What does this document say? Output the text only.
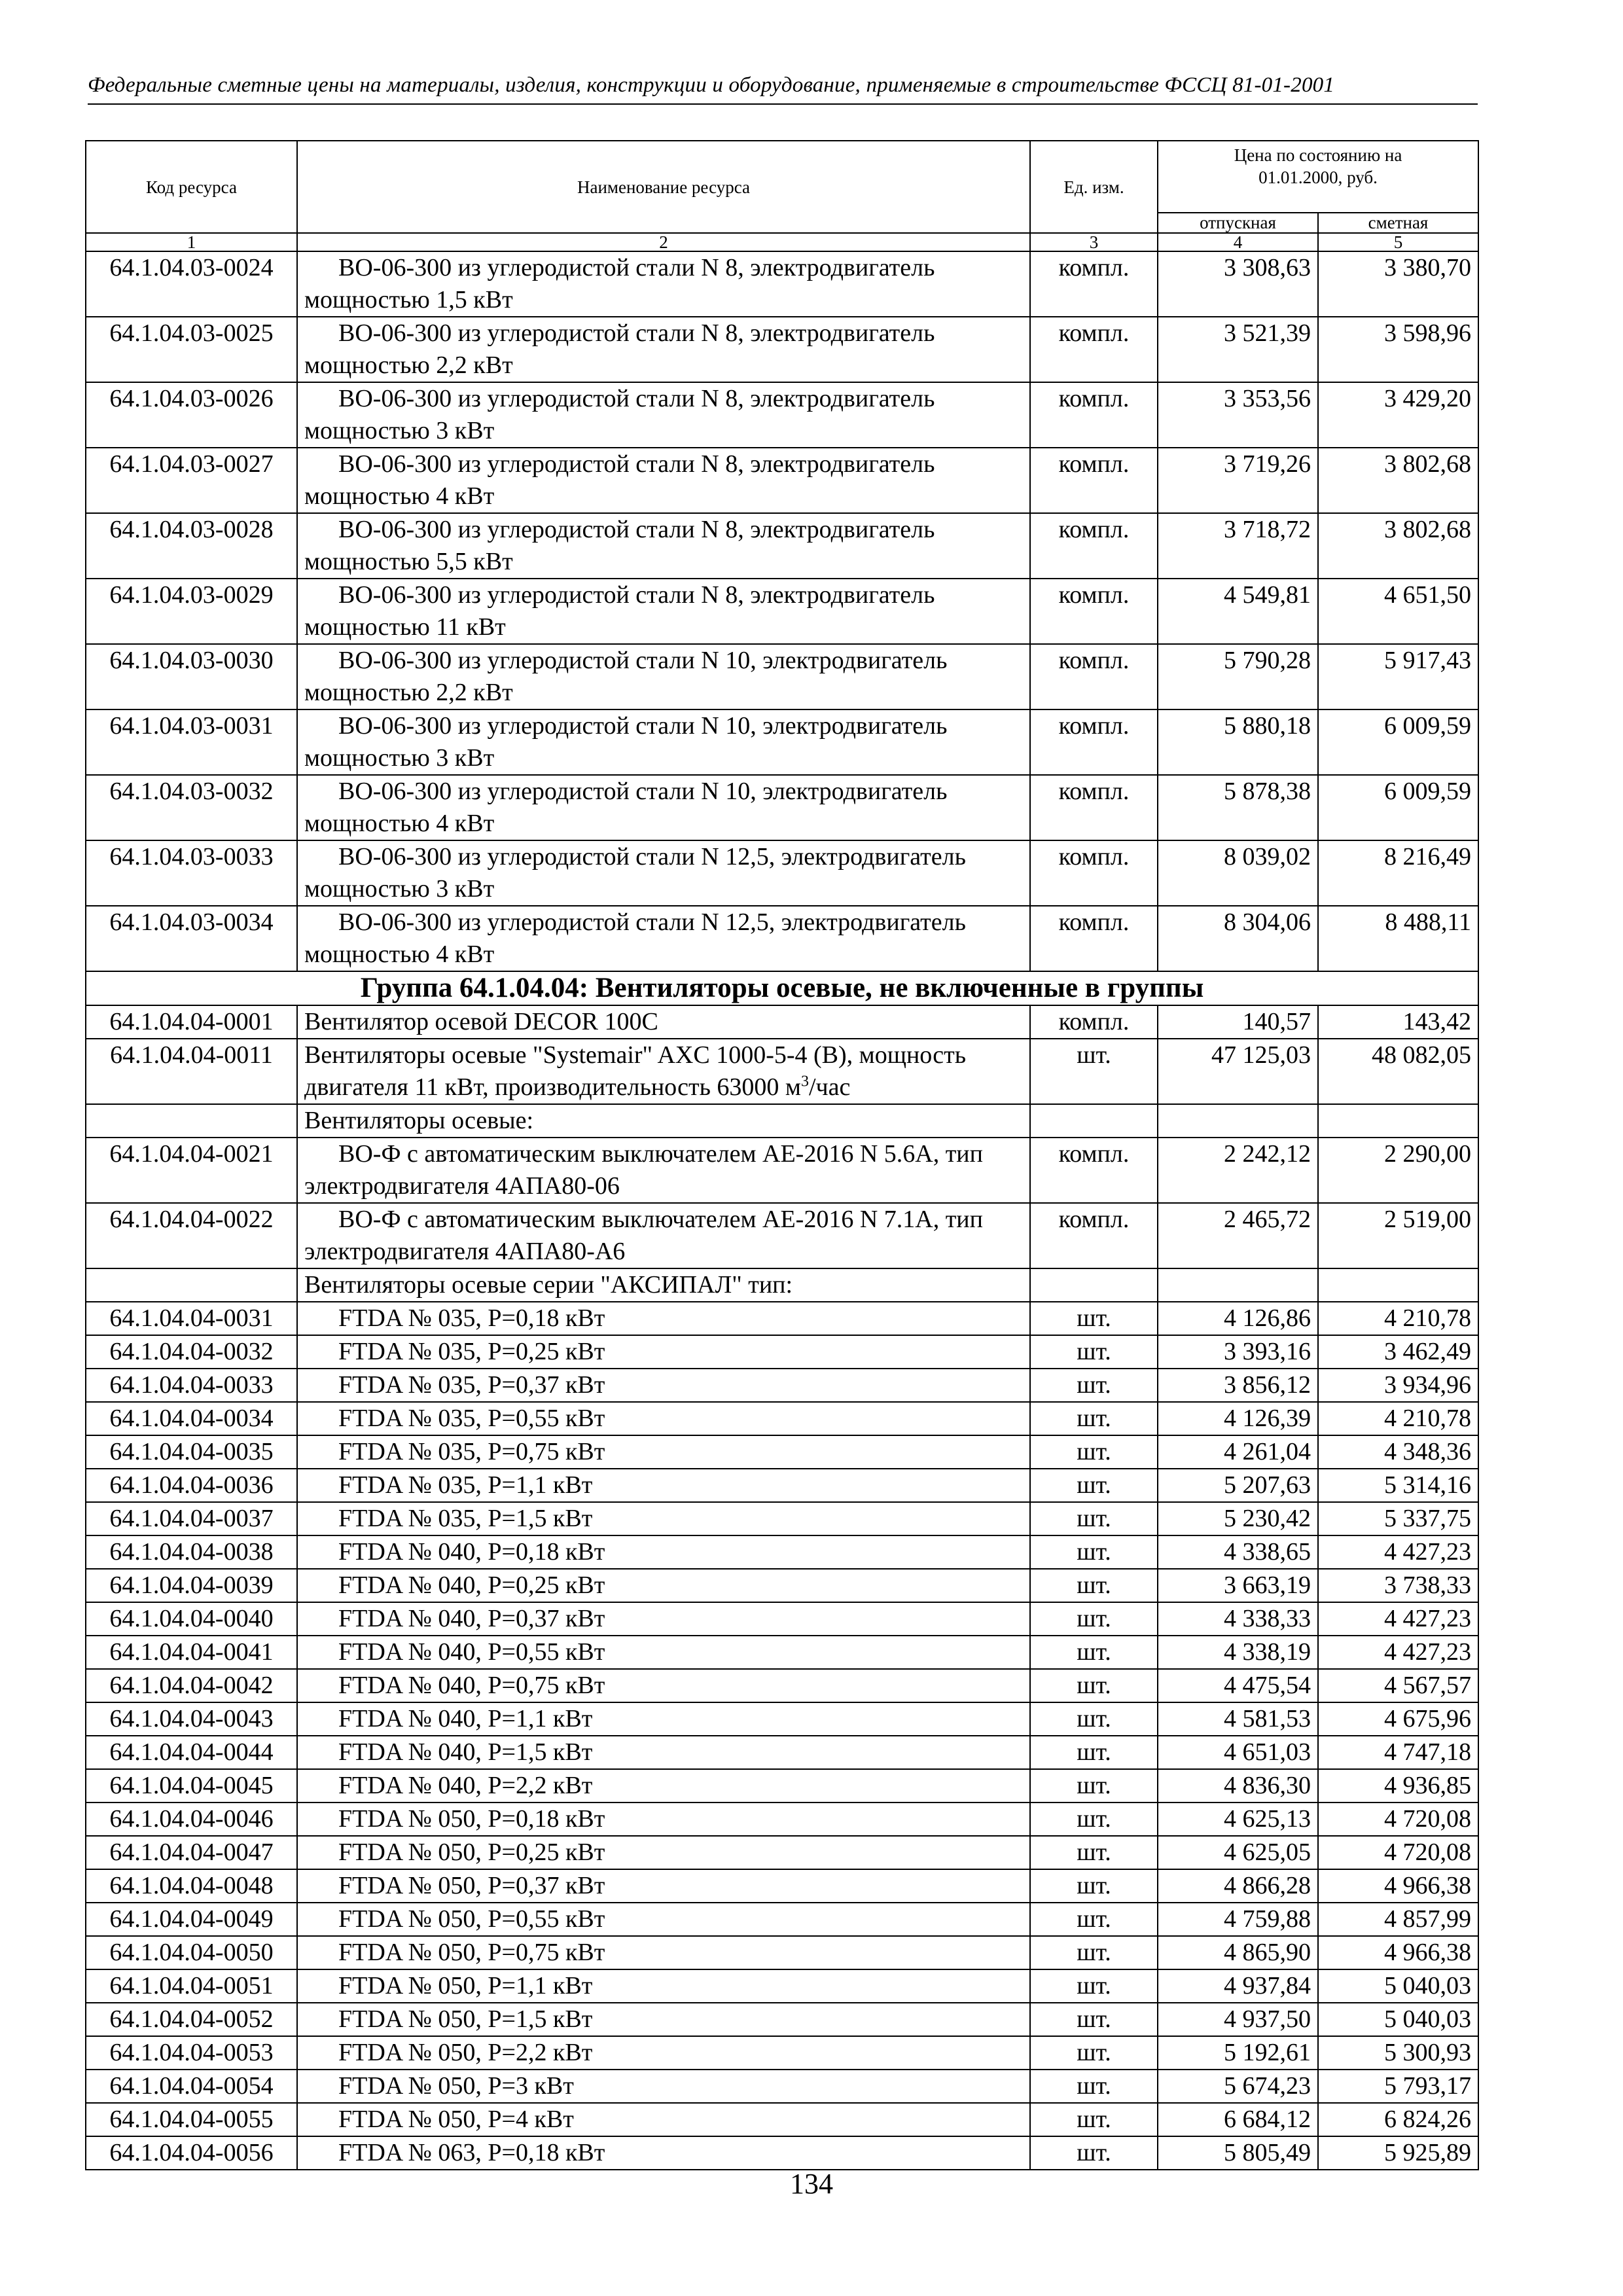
Федеральные сметные цены на материалы, изделия, конструкции и оборудование, применяемые в строительстве ФССЦ 81-01-2001
Код ресурса	Наименование ресурса	Ед. изм.	Цена по состоянию на
01.01.2000, руб.	

			отпускная	сметная
1	2	3	4	5
64.1.04.03-0024	ВО-06-300 из углеродистой стали N 8, электродвигатель мощностью 1,5 кВт	компл.	3 308,63	3 380,70
64.1.04.03-0025	ВО-06-300 из углеродистой стали N 8, электродвигатель мощностью 2,2 кВт	компл.	3 521,39	3 598,96
64.1.04.03-0026	ВО-06-300 из углеродистой стали N 8, электродвигатель мощностью 3 кВт	компл.	3 353,56	3 429,20
64.1.04.03-0027	ВО-06-300 из углеродистой стали N 8, электродвигатель мощностью 4 кВт	компл.	3 719,26	3 802,68
64.1.04.03-0028	ВО-06-300 из углеродистой стали N 8, электродвигатель мощностью 5,5 кВт	компл.	3 718,72	3 802,68
64.1.04.03-0029	ВО-06-300 из углеродистой стали N 8, электродвигатель мощностью 11 кВт	компл.	4 549,81	4 651,50
64.1.04.03-0030	ВО-06-300 из углеродистой стали N 10, электродвигатель мощностью 2,2 кВт	компл.	5 790,28	5 917,43
64.1.04.03-0031	ВО-06-300 из углеродистой стали N 10, электродвигатель мощностью 3 кВт	компл.	5 880,18	6 009,59
64.1.04.03-0032	ВО-06-300 из углеродистой стали N 10, электродвигатель мощностью 4 кВт	компл.	5 878,38	6 009,59
64.1.04.03-0033	ВО-06-300 из углеродистой стали N 12,5, электродвигатель мощностью 3 кВт	компл.	8 039,02	8 216,49
64.1.04.03-0034	ВО-06-300 из углеродистой стали N 12,5, электродвигатель мощностью 4 кВт	компл.	8 304,06	8 488,11
Группа 64.1.04.04: Вентиляторы осевые, не включенные в группы				
64.1.04.04-0001	Вентилятор осевой DECOR 100C	компл.	140,57	143,42
64.1.04.04-0011	Вентиляторы осевые "Systemair" AXC 1000-5-4 (B), мощность двигателя 11 кВт, производительность 63000 $м^3$/час	шт.	47 125,03	48 082,05
	Вентиляторы осевые:			
64.1.04.04-0021	ВО-Ф с автоматическим выключателем АЕ-2016 N 5.6А, тип электродвигателя 4АПА80-06	компл.	2 242,12	2 290,00
64.1.04.04-0022	ВО-Ф с автоматическим выключателем АЕ-2016 N 7.1А, тип электродвигателя 4АПА80-А6	компл.	2 465,72	2 519,00
	Вентиляторы осевые серии "АКСИПАЛ" тип:			
64.1.04.04-0031	FTDA № 035, P=0,18 кВт	шт.	4 126,86	4 210,78
64.1.04.04-0032	FTDA № 035, P=0,25 кВт	шт.	3 393,16	3 462,49
64.1.04.04-0033	FTDA № 035, P=0,37 кВт	шт.	3 856,12	3 934,96
64.1.04.04-0034	FTDA № 035, P=0,55 кВт	шт.	4 126,39	4 210,78
64.1.04.04-0035	FTDA № 035, P=0,75 кВт	шт.	4 261,04	4 348,36
64.1.04.04-0036	FTDA № 035, P=1,1 кВт	шт.	5 207,63	5 314,16
64.1.04.04-0037	FTDA № 035, P=1,5 кВт	шт.	5 230,42	5 337,75
64.1.04.04-0038	FTDA № 040, P=0,18 кВт	шт.	4 338,65	4 427,23
64.1.04.04-0039	FTDA № 040, P=0,25 кВт	шт.	3 663,19	3 738,33
64.1.04.04-0040	FTDA № 040, P=0,37 кВт	шт.	4 338,33	4 427,23
64.1.04.04-0041	FTDA № 040, P=0,55 кВт	шт.	4 338,19	4 427,23
64.1.04.04-0042	FTDA № 040, P=0,75 кВт	шт.	4 475,54	4 567,57
64.1.04.04-0043	FTDA № 040, P=1,1 кВт	шт.	4 581,53	4 675,96
64.1.04.04-0044	FTDA № 040, P=1,5 кВт	шт.	4 651,03	4 747,18
64.1.04.04-0045	FTDA № 040, P=2,2 кВт	шт.	4 836,30	4 936,85
64.1.04.04-0046	FTDA № 050, P=0,18 кВт	шт.	4 625,13	4 720,08
64.1.04.04-0047	FTDA № 050, P=0,25 кВт	шт.	4 625,05	4 720,08
64.1.04.04-0048	FTDA № 050, P=0,37 кВт	шт.	4 866,28	4 966,38
64.1.04.04-0049	FTDA № 050, P=0,55 кВт	шт.	4 759,88	4 857,99
64.1.04.04-0050	FTDA № 050, P=0,75 кВт	шт.	4 865,90	4 966,38
64.1.04.04-0051	FTDA № 050, P=1,1 кВт	шт.	4 937,84	5 040,03
64.1.04.04-0052	FTDA № 050, P=1,5 кВт	шт.	4 937,50	5 040,03
64.1.04.04-0053	FTDA № 050, P=2,2 кВт	шт.	5 192,61	5 300,93
64.1.04.04-0054	FTDA № 050, P=3 кВт	шт.	5 674,23	5 793,17
64.1.04.04-0055	FTDA № 050, P=4 кВт	шт.	6 684,12	6 824,26
64.1.04.04-0056	FTDA № 063, P=0,18 кВт	шт.	5 805,49	5 925,89
134
